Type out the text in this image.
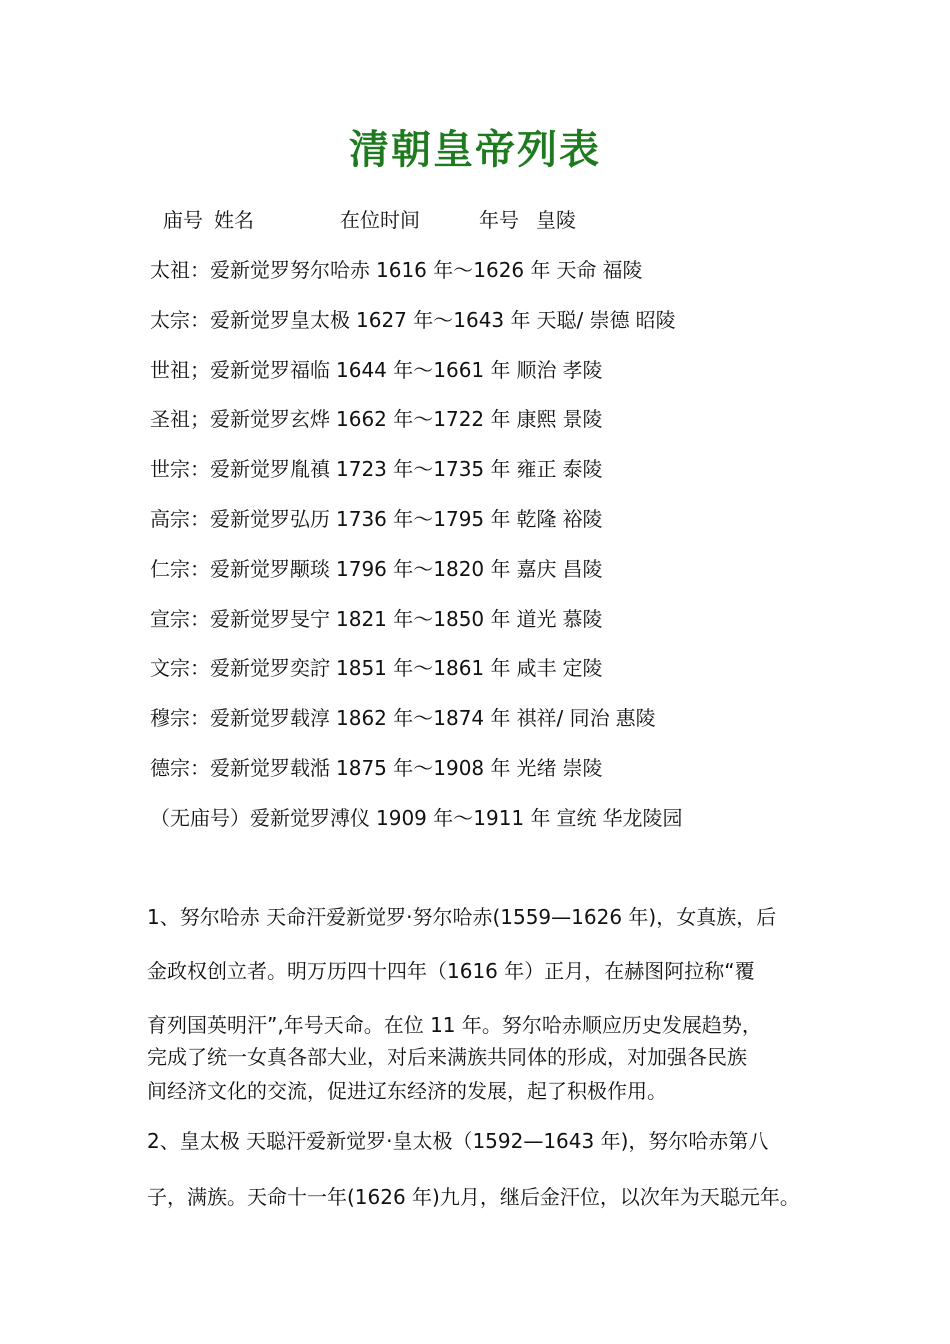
清朝皇帝列表
庙号 姓名	在位时间	年号 皇陵
太祖：爱新觉罗努尔哈赤 1616 年～1626 年 天命 福陵
太宗：爱新觉罗皇太极 1627 年～1643 年 天聪/ 崇德 昭陵
世祖；爱新觉罗福临 1644 年～1661 年 顺治 孝陵
圣祖；爱新觉罗玄烨 1662 年～1722 年 康熙 景陵
世宗：爱新觉罗胤禛 1723 年～1735 年 雍正 泰陵
高宗：爱新觉罗弘历 1736 年～1795 年 乾隆 裕陵
仁宗：爱新觉罗颙琰 1796 年～1820 年 嘉庆 昌陵
宣宗：爱新觉罗旻宁 1821 年～1850 年 道光 慕陵
文宗：爱新觉罗奕詝 1851 年～1861 年 咸丰 定陵
穆宗：爱新觉罗载淳 1862 年～1874 年 祺祥/ 同治 惠陵
德宗：爱新觉罗载湉 1875 年～1908 年 光绪 崇陵
（无庙号）爱新觉罗溥仪 1909 年～1911 年 宣统 华龙陵园

1、努尔哈赤 天命汗爱新觉罗·努尔哈赤(1559—1626 年)，女真族，后
金政权创立者。明万历四十四年（1616 年）正月，在赫图阿拉称“覆
育列国英明汗”,年号天命。在位 11 年。努尔哈赤顺应历史发展趋势，
完成了统一女真各部大业，对后来满族共同体的形成，对加强各民族
间经济文化的交流，促进辽东经济的发展，起了积极作用。

2、皇太极 天聪汗爱新觉罗·皇太极（1592—1643 年)，努尔哈赤第八
子，满族。天命十一年(1626 年)九月，继后金汗位，以次年为天聪元年。
